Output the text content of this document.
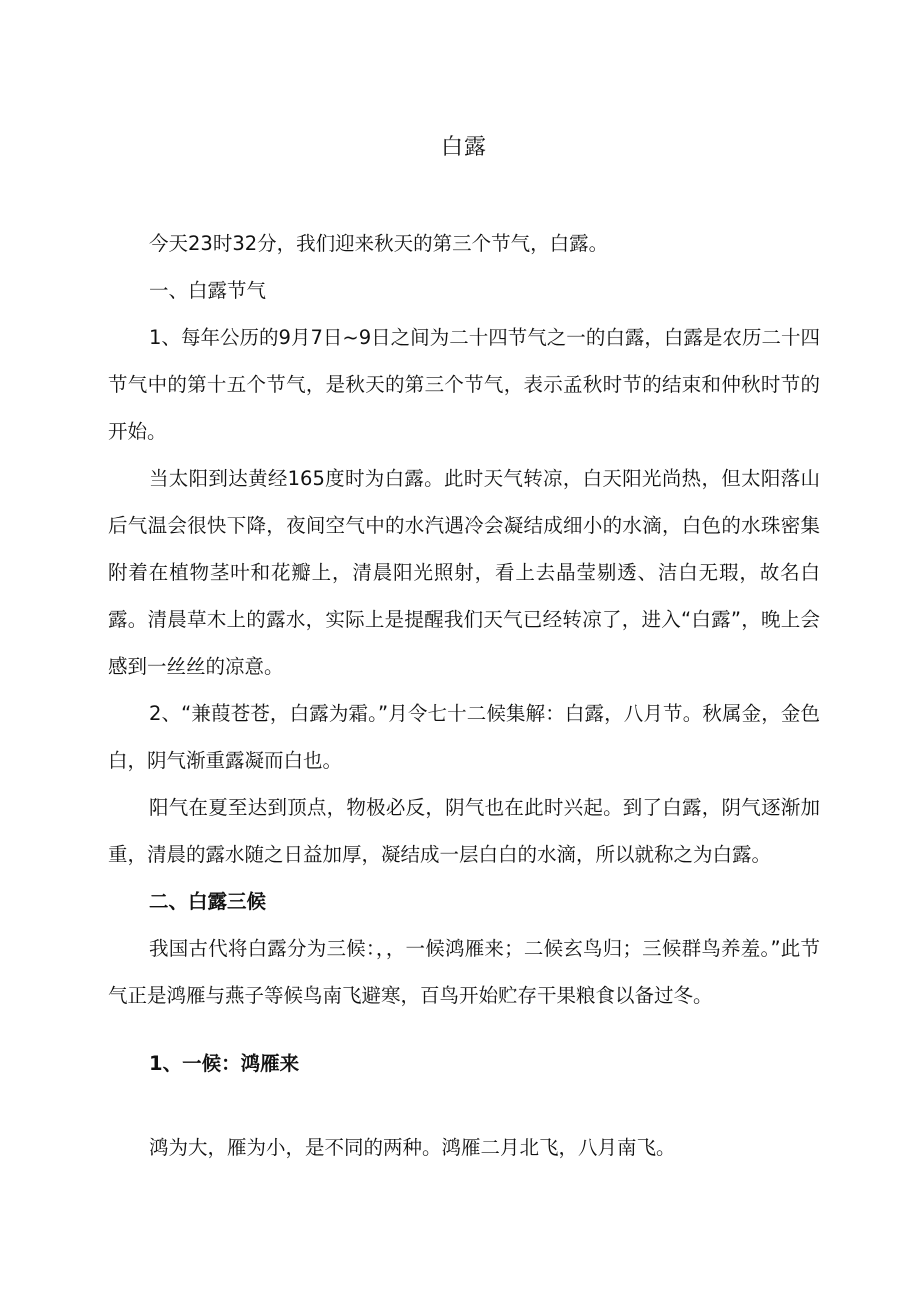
白露

今天23时32分，我们迎来秋天的第三个节气，白露。

一、白露节气

1、每年公历的9月7日~9日之间为二十四节气之一的白露，白露是农历二十四节气中的第十五个节气，是秋天的第三个节气，表示孟秋时节的结束和仲秋时节的开始。

当太阳到达黄经165度时为白露。此时天气转凉，白天阳光尚热，但太阳落山后气温会很快下降，夜间空气中的水汽遇冷会凝结成细小的水滴，白色的水珠密集附着在植物茎叶和花瓣上，清晨阳光照射，看上去晶莹剔透、洁白无瑕，故名白露。清晨草木上的露水，实际上是提醒我们天气已经转凉了，进入“白露”，晚上会感到一丝丝的凉意。

2、“兼葭苍苍，白露为霜。”月令七十二候集解：白露，八月节。秋属金，金色白，阴气渐重露凝而白也。

阳气在夏至达到顶点，物极必反，阴气也在此时兴起。到了白露，阴气逐渐加重，清晨的露水随之日益加厚，凝结成一层白白的水滴，所以就称之为白露。

二、白露三候

我国古代将白露分为三候：，，一候鸿雁来；二候玄鸟归；三候群鸟养羞。”此节气正是鸿雁与燕子等候鸟南飞避寒，百鸟开始贮存干果粮食以备过冬。

1、一候：鸿雁来

鸿为大，雁为小，是不同的两种。鸿雁二月北飞，八月南飞。
